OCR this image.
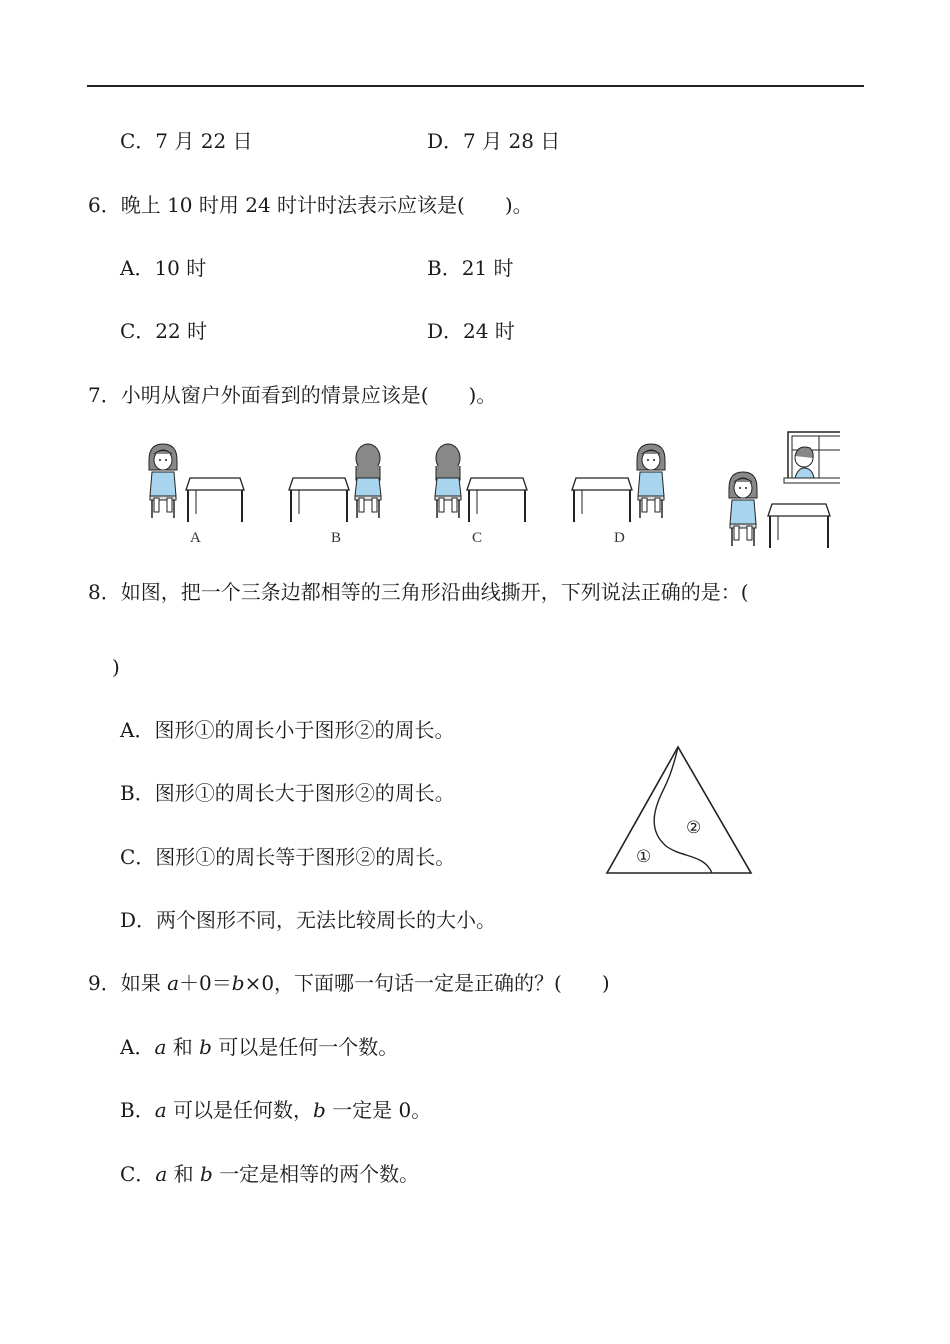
C．7 月 22 日	D．7 月 28 日
6．晚上 10 时用 24 时计时法表示应该是(　　)。
A．10 时	B．21 时
C．22 时	D．24 时
7．小明从窗户外面看到的情景应该是(　　)。
A	B	C	D
8．如图，把一个三条边都相等的三角形沿曲线撕开，下列说法正确的是：(
)
A．图形①的周长小于图形②的周长。
B．图形①的周长大于图形②的周长。
C．图形①的周长等于图形②的周长。
D．两个图形不同，无法比较周长的大小。
①
②
9．如果 a＋0＝b×0，下面哪一句话一定是正确的？(　　)
A．a 和 b 可以是任何一个数。
B．a 可以是任何数，b 一定是 0。
C．a 和 b 一定是相等的两个数。
